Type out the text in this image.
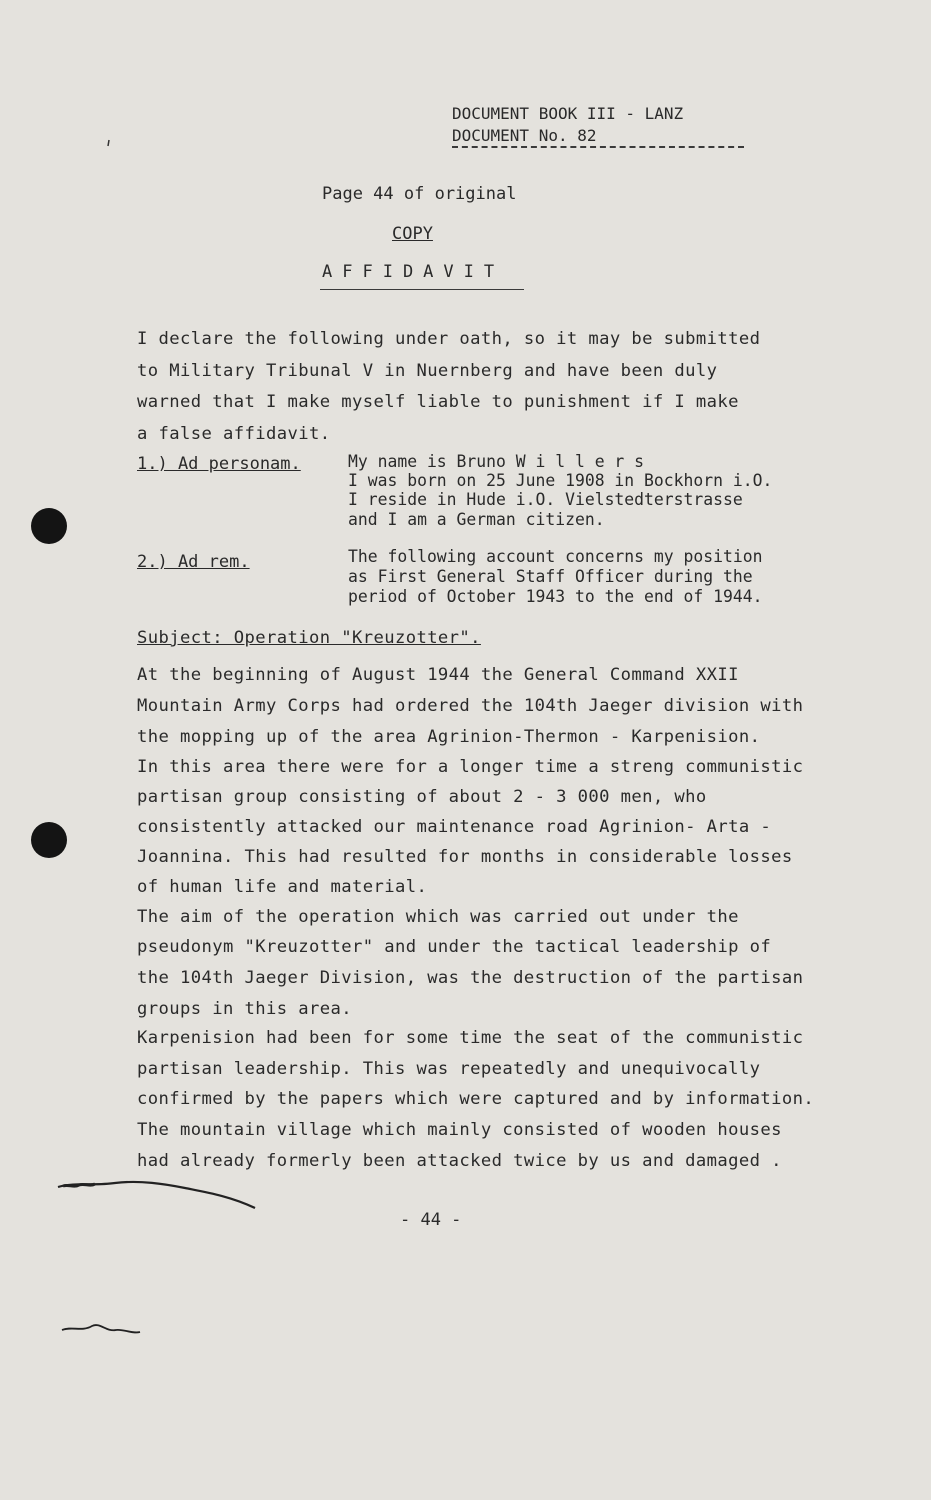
DOCUMENT BOOK III - LANZ
DOCUMENT No. 82
Page 44 of original
COPY
AFFIDAVIT
I declare the following under oath, so it may be submitted
to Military Tribunal V in Nuernberg and have been duly
warned that I make myself liable to punishment if I make
a false affidavit.
1.) Ad personam.	My name is Bruno W i l l e r s
I was born on 25 June 1908 in Bockhorn i.O.
I reside in Hude i.O. Vielstedterstrasse
and I am a German citizen.
2.) Ad rem.	The following account concerns my position
as First General Staff Officer during the
period of October 1943 to the end of 1944.
Subject: Operation "Kreuzotter".
At the beginning of August 1944 the General Command XXII
Mountain Army Corps had ordered the 104th Jaeger division with
the mopping up of the area Agrinion-Thermon - Karpenision.
In this area there were for a longer time a streng communistic
partisan group consisting of about 2 - 3 000 men, who
consistently attacked our maintenance road Agrinion- Arta -
Joannina. This had resulted for months in considerable losses
of human life and material.
The aim of the operation which was carried out under the
pseudonym "Kreuzotter" and under the tactical leadership of
the 104th Jaeger Division, was the destruction of the partisan
groups in this area.
Karpenision had been for some time the seat of the communistic
partisan leadership. This was repeatedly and unequivocally
confirmed by the papers which were captured and by information.
The mountain village which mainly consisted of wooden houses
had already formerly been attacked twice by us and damaged .
- 44 -
